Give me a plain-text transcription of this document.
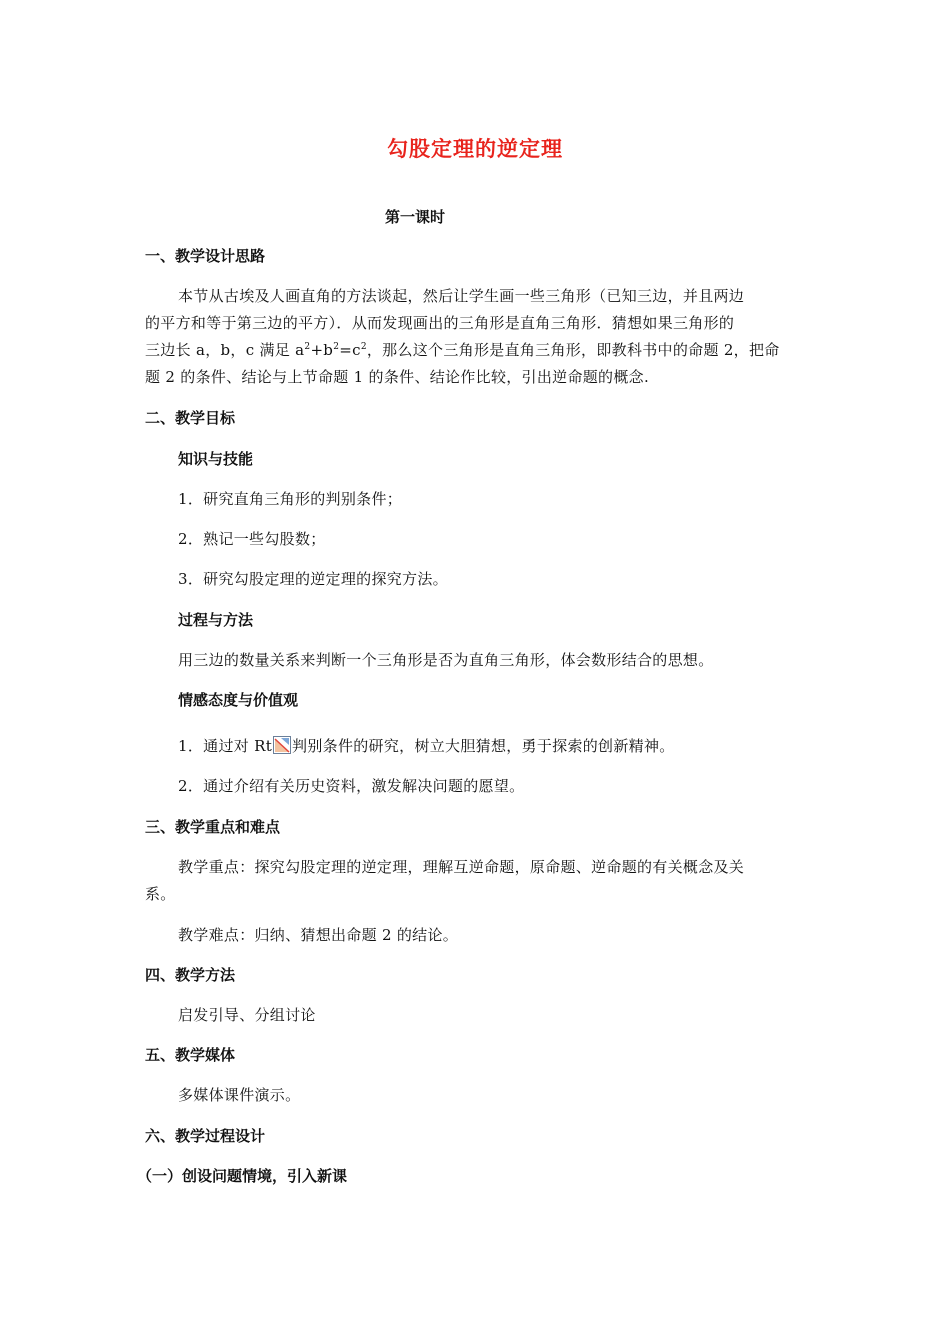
勾股定理的逆定理
第一课时
一、教学设计思路
本节从古埃及人画直角的方法谈起，然后让学生画一些三角形（已知三边，并且两边
的平方和等于第三边的平方）．从而发现画出的三角形是直角三角形．猜想如果三角形的
三边长 a，b，c 满足 $a^2+b^2=c^2$，那么这个三角形是直角三角形，即教科书中的命题 2，把命
题 2 的条件、结论与上节命题 1 的条件、结论作比较，引出逆命题的概念.
二、教学目标
知识与技能
1．研究直角三角形的判别条件；
2．熟记一些勾股数；
3．研究勾股定理的逆定理的探究方法。
过程与方法
用三边的数量关系来判断一个三角形是否为直角三角形，体会数形结合的思想。
情感态度与价值观
1．通过对 Rt 判别条件的研究，树立大胆猜想，勇于探索的创新精神。
2．通过介绍有关历史资料，激发解决问题的愿望。
三、教学重点和难点
教学重点：探究勾股定理的逆定理，理解互逆命题，原命题、逆命题的有关概念及关
系。
教学难点：归纳、猜想出命题 2 的结论。
四、教学方法
启发引导、分组讨论
五、教学媒体
多媒体课件演示。
六、教学过程设计
（一）创设问题情境，引入新课
